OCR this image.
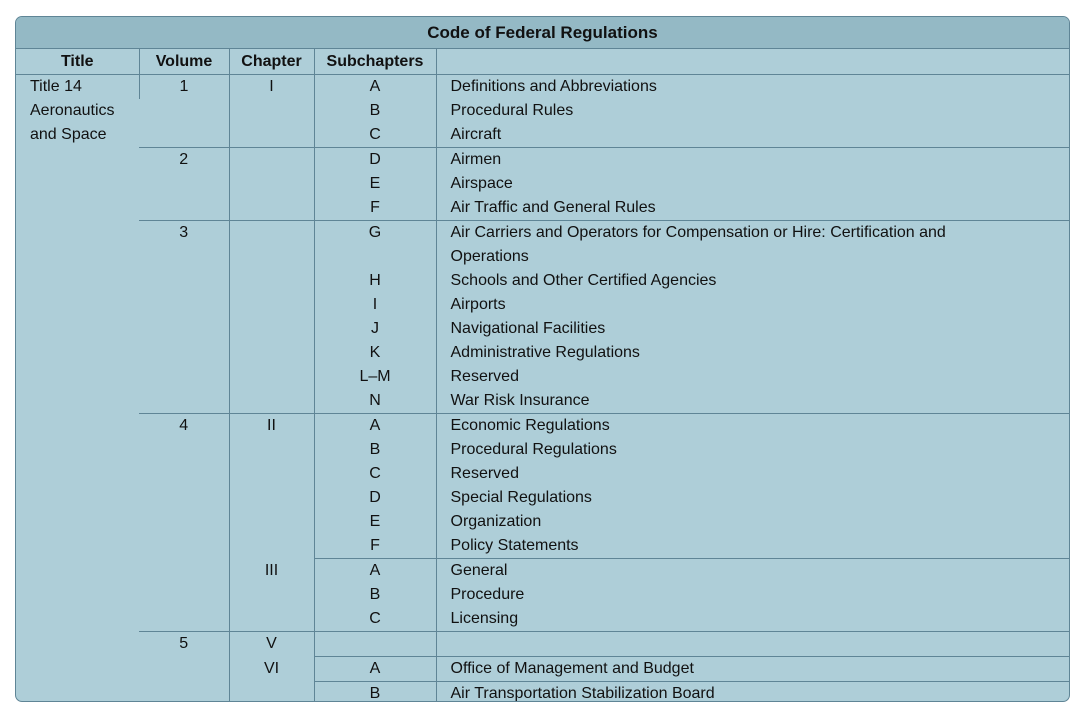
Code of Federal Regulations
Title	Volume	Chapter	Subchapters	

Title 14
Aeronautics
and Space	1	I	A	Definitions and Abbreviations
			B	Procedural Rules
			C	Aircraft
	2		D	Airmen
			E	Airspace
			F	Air Traffic and General Rules
	3		G	Air Carriers and Operators for Compensation or Hire: Certification and
				Operations
			H	Schools and Other Certified Agencies
			I	Airports
			J	Navigational Facilities
			K	Administrative Regulations
			L–M	Reserved
			N	War Risk Insurance
	4	II	A	Economic Regulations
			B	Procedural Regulations
			C	Reserved
			D	Special Regulations
			E	Organization
			F	Policy Statements
		III	A	General
			B	Procedure
			C	Licensing
	5	V		
		VI	A	Office of Management and Budget
			B	Air Transportation Stabilization Board
